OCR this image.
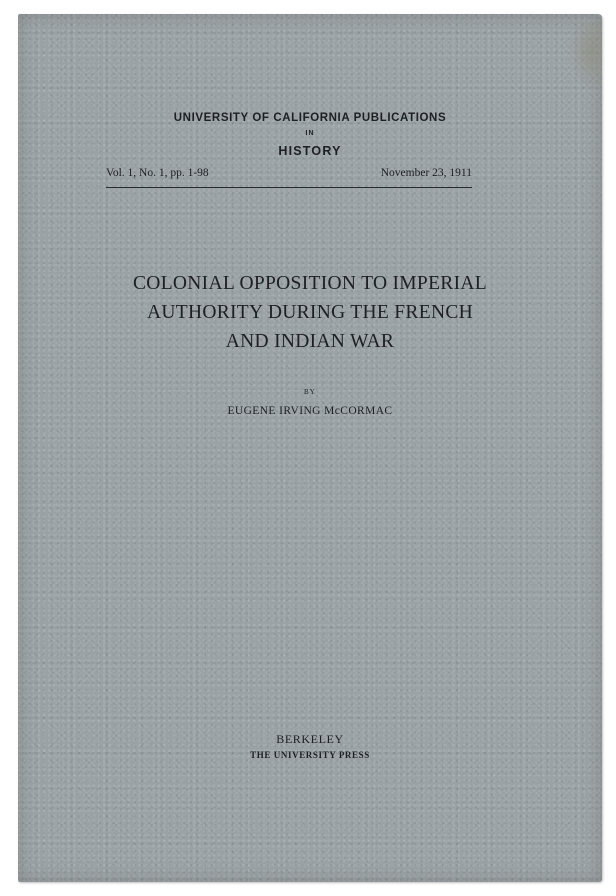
UNIVERSITY OF CALIFORNIA PUBLICATIONS
IN
HISTORY
Vol. 1, No. 1, pp. 1-98	November 23, 1911
COLONIAL OPPOSITION TO IMPERIAL
AUTHORITY DURING THE FRENCH
AND INDIAN WAR
BY
EUGENE IRVING McCORMAC
BERKELEY
THE UNIVERSITY PRESS
